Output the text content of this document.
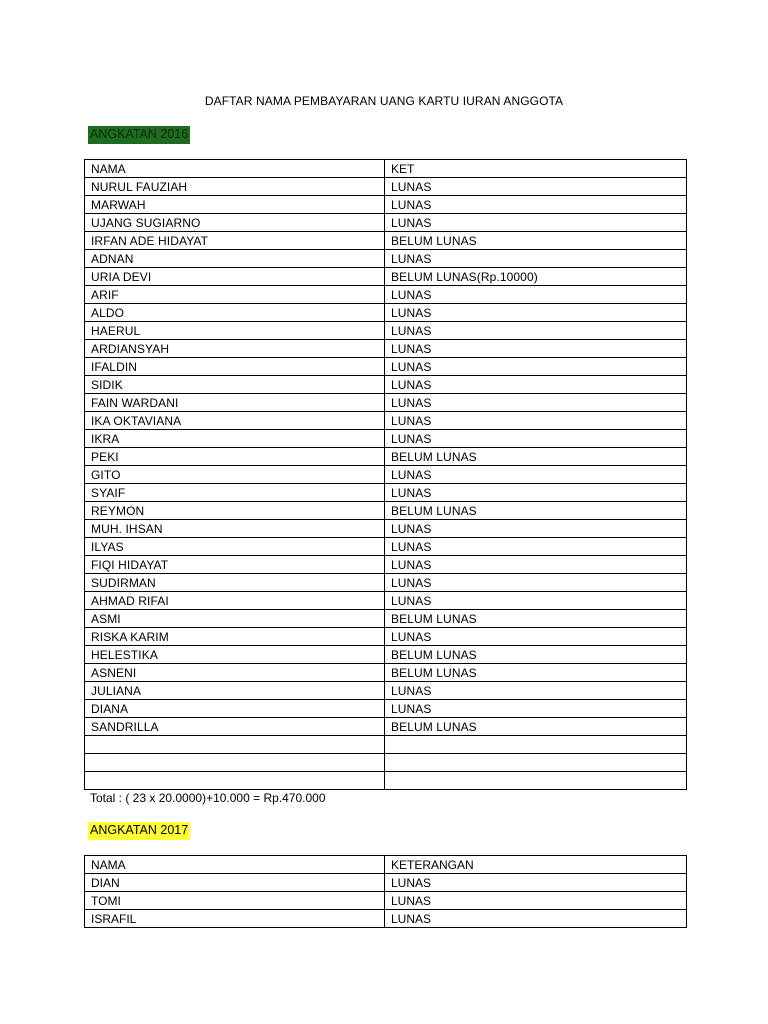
DAFTAR NAMA PEMBAYARAN UANG KARTU IURAN ANGGOTA
ANGKATAN 2016
NAMA	KET
NURUL FAUZIAH	LUNAS
MARWAH	LUNAS
UJANG SUGIARNO	LUNAS
IRFAN ADE HIDAYAT	BELUM LUNAS
ADNAN	LUNAS
URIA DEVI	BELUM LUNAS(Rp.10000)
ARIF	LUNAS
ALDO	LUNAS
HAERUL	LUNAS
ARDIANSYAH	LUNAS
IFALDIN	LUNAS
SIDIK	LUNAS
FAIN WARDANI	LUNAS
IKA OKTAVIANA	LUNAS
IKRA	LUNAS
PEKI	BELUM LUNAS
GITO	LUNAS
SYAIF	LUNAS
REYMON	BELUM LUNAS
MUH. IHSAN	LUNAS
ILYAS	LUNAS
FIQI HIDAYAT	LUNAS
SUDIRMAN	LUNAS
AHMAD RIFAI	LUNAS
ASMI	BELUM LUNAS
RISKA KARIM	LUNAS
HELESTIKA	BELUM LUNAS
ASNENI	BELUM LUNAS
JULIANA	LUNAS
DIANA	LUNAS
SANDRILLA	BELUM LUNAS

Total : ( 23 x 20.0000)+10.000 = Rp.470.000
ANGKATAN 2017
NAMA	KETERANGAN
DIAN	LUNAS
TOMI	LUNAS
ISRAFIL	LUNAS
